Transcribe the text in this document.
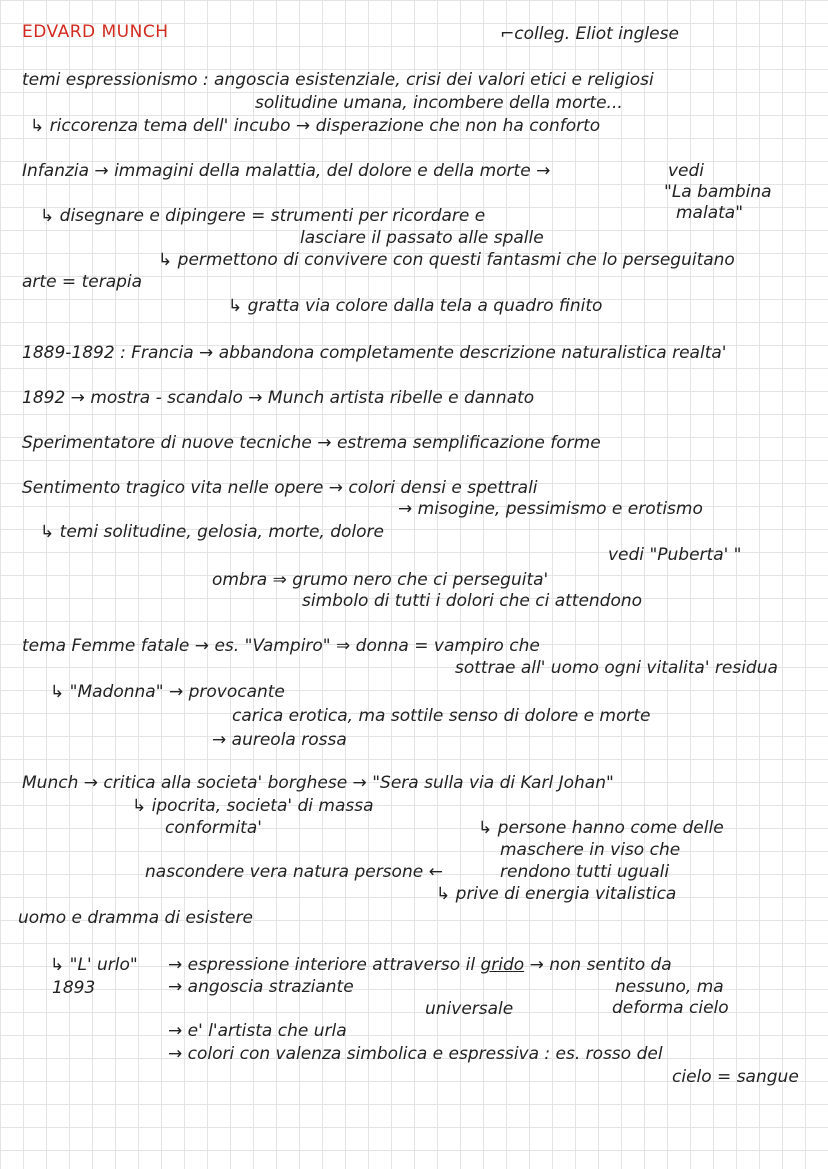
EDVARD MUNCH	⌐colleg. Eliot inglese
temi espressionismo : angoscia esistenziale, crisi dei valori etici e religiosi
solitudine umana, incombere della morte...
↳ riccorenza tema dell' incubo → disperazione che non ha conforto
Infanzia → immagini della malattia, del dolore e della morte →	vedi
"La bambina
malata"
↳ disegnare e dipingere = strumenti per ricordare e
lasciare il passato alle spalle
↳ permettono di convivere con questi fantasmi che lo perseguitano
arte = terapia
↳ gratta via colore dalla tela a quadro finito
1889-1892 : Francia → abbandona completamente descrizione naturalistica realta'
1892 → mostra - scandalo → Munch artista ribelle e dannato
Sperimentatore di nuove tecniche → estrema semplificazione forme
Sentimento tragico vita nelle opere → colori densi e spettrali
→ misogine, pessimismo e erotismo
↳ temi solitudine, gelosia, morte, dolore
vedi "Puberta' "
ombra ⇒ grumo nero che ci perseguita'
simbolo di tutti i dolori che ci attendono
tema Femme fatale → es. "Vampiro" ⇒ donna = vampiro che
sottrae all' uomo ogni vitalita' residua
↳ "Madonna" → provocante
carica erotica, ma sottile senso di dolore e morte
→ aureola rossa
Munch → critica alla societa' borghese → "Sera sulla via di Karl Johan"
↳ ipocrita, societa' di massa
conformita'	↳ persone hanno come delle
maschere in viso che
nascondere vera natura persone ←	rendono tutti uguali
↳ prive di energia vitalistica
uomo e dramma di esistere
↳ "L' urlo"
1893
→ espressione interiore attraverso il grido → non sentito da
nessuno, ma
deforma cielo
→ angoscia straziante
universale
→ e' l'artista che urla
→ colori con valenza simbolica e espressiva : es. rosso del
cielo = sangue
